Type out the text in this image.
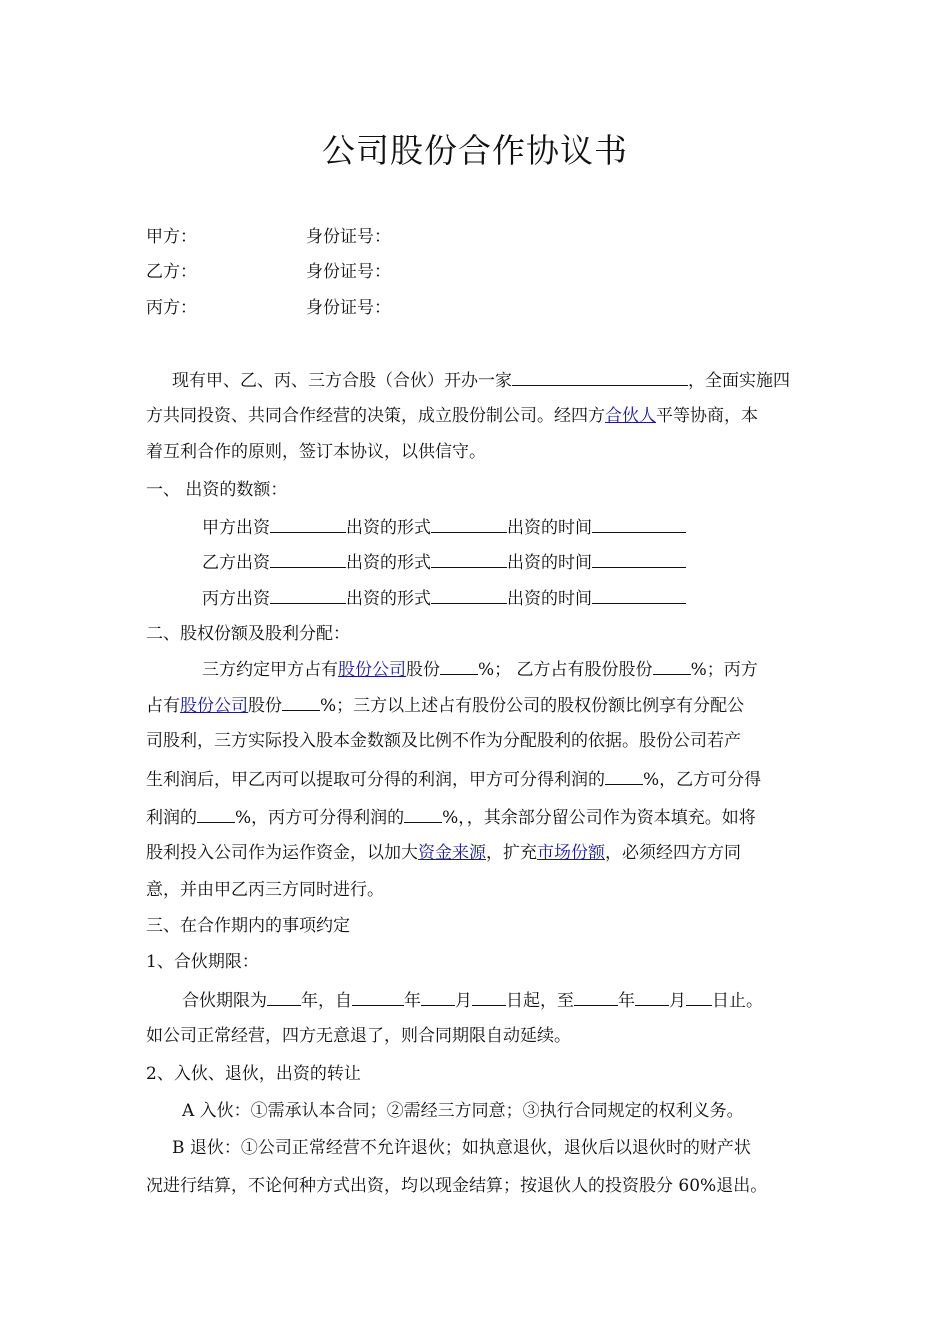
公司股份合作协议书
甲方：	身份证号：
乙方：	身份证号：
丙方：	身份证号：
现有甲、乙、丙、三方合股（合伙）开办一家	，全面实施四
方共同投资、共同合作经营的决策，成立股份制公司。经四方合伙人平等协商，本
着互利合作的原则，签订本协议，以供信守。
一、 出资的数额：
甲方出资	出资的形式	出资的时间
乙方出资	出资的形式	出资的时间
丙方出资	出资的形式	出资的时间
二、股权份额及股利分配：
三方约定甲方占有股份公司股份 %； 乙方占有股份股份 %；丙方
占有股份公司股份 %；三方以上述占有股份公司的股权份额比例享有分配公
司股利，三方实际投入股本金数额及比例不作为分配股利的依据。股份公司若产
生利润后，甲乙丙可以提取可分得的利润，甲方可分得利润的 %，乙方可分得
利润的 %，丙方可分得利润的 %，，其余部分留公司作为资本填充。如将
股利投入公司作为运作资金，以加大资金来源，扩充市场份额，必须经四方方同
意，并由甲乙丙三方同时进行。
三、在合作期内的事项约定
1、合伙期限：
合伙期限为 年，自	年 月 日起，至	年 月 日止。
如公司正常经营，四方无意退了，则合同期限自动延续。
2、入伙、退伙，出资的转让
A 入伙：①需承认本合同；②需经三方同意；③执行合同规定的权利义务。
B 退伙：①公司正常经营不允许退伙；如执意退伙，退伙后以退伙时的财产状
况进行结算，不论何种方式出资，均以现金结算；按退伙人的投资股分 60%退出。
